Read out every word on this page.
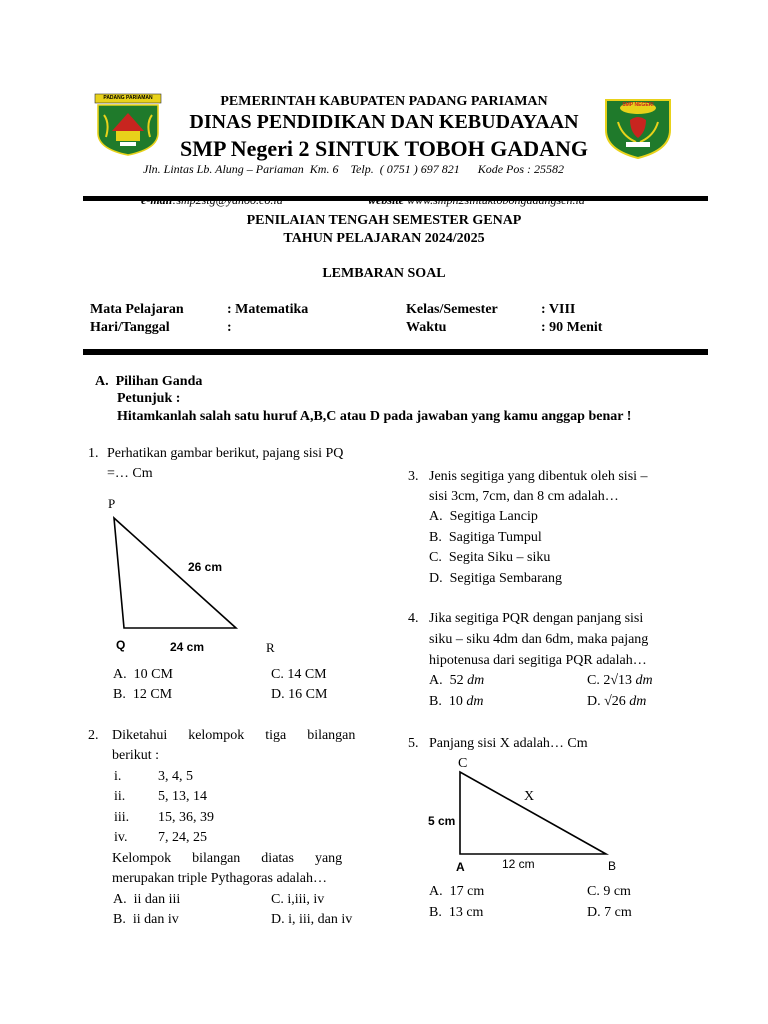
PADANG PARIAMAN
SMP NEGERI
PEMERINTAH KABUPATEN PADANG PARIAMAN
DINAS PENDIDIKAN DAN KEBUDAYAAN
SMP Negeri 2 SINTUK TOBOH GADANG
Jln. Lintas Lb. Alung – Pariaman  Km. 6    Telp.  ( 0751 ) 697 821      Kode Pos : 25582

PENILAIAN TENGAH SEMESTER GENAP
TAHUN PELAJARAN 2024/2025
LEMBARAN SOAL
Mata Pelajaran	: Matematika
Hari/Tanggal	:
Kelas/Semester	: VIII
Waktu	: 90 Menit
A.  Pilihan Ganda
Petunjuk :
Hitamkanlah salah satu huruf A,B,C atau D pada jawaban yang kamu anggap benar !
1. Perhatikan gambar berikut, pajang sisi PQ
=… Cm
P
26 cm
Q	24 cm	R
A.  10 CM
B.  12 CM
C. 14 CM
D. 16 CM
2. Diketahui      kelompok      tiga      bilangan
berikut :
i.	3, 4, 5
ii. 5, 13, 14
iii. 15, 36, 39
iv. 7, 24, 25
Kelompok      bilangan      diatas      yang
merupakan triple Pythagoras adalah…
A.  ii dan iii
B.  ii dan iv
C. i,iii, iv
D. i, iii, dan iv
3. Jenis segitiga yang dibentuk oleh sisi –
sisi 3cm, 7cm, dan 8 cm adalah…
A.  Segitiga Lancip
B.  Sagitiga Tumpul
C.  Segita Siku – siku
D.  Segitiga Sembarang
4. Jika segitiga PQR dengan panjang sisi
siku – siku 4dm dan 6dm, maka pajang
hipotenusa dari segitiga PQR adalah…
A.  52 dm
B.  10 dm
C. 2√13 dm
D. √26 dm
5. Panjang sisi X adalah… Cm
C
X
5 cm
A	12 cm	B
A.  17 cm
B.  13 cm
C. 9 cm
D. 7 cm
